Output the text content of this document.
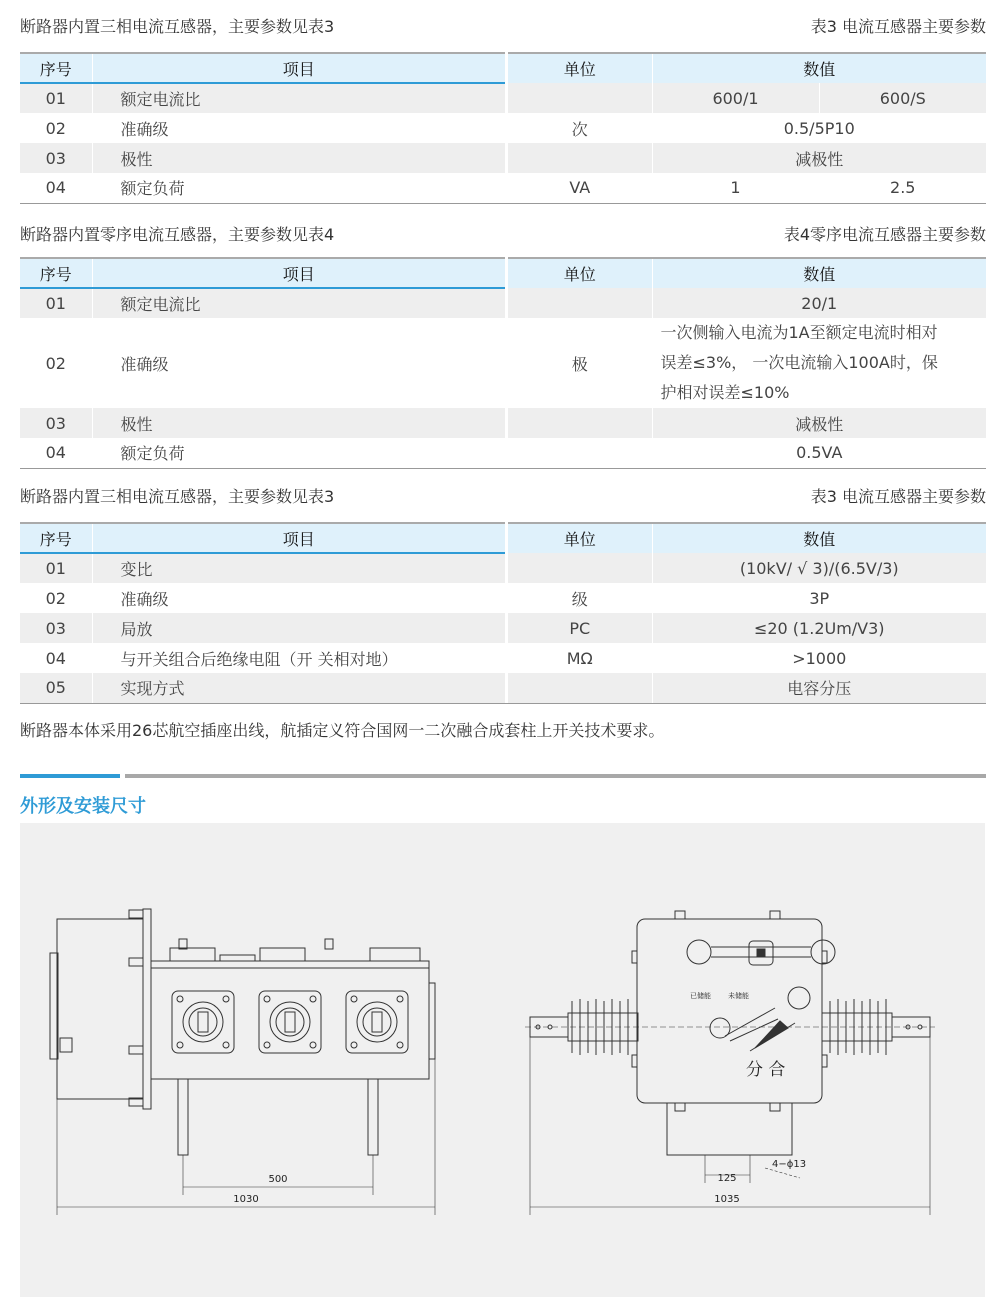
断路器内置三相电流互感器，主要参数见表3	表3 电流互感器主要参数
序号	项目		单位	数值	
01	额定电流比			600/1	600/S
02	准确级		次	0.5/5P10	
03	极性			减极性	
04	额定负荷		VA	1	2.5
断路器内置零序电流互感器，主要参数见表4	表4零序电流互感器主要参数
序号	项目		单位	数值
01	额定电流比			20/1
02	准确级		极	一次侧输入电流为1A至额定电流时相对
误差≤3%， 一次电流输入100A时，保
护相对误差≤10%

03	极性			减极性
04	额定负荷			0.5VA
断路器内置三相电流互感器，主要参数见表3	表3 电流互感器主要参数
序号	项目		单位	数值
01	变比			(10kV/ √ 3)/(6.5V/3)
02	准确级		级	3P
03	局放		PC	≤20 (1.2Um/V3)
04	与开关组合后绝缘电阻（开 关相对地）		MΩ	>1000
05	实现方式			电容分压
断路器本体采用26芯航空插座出线，航插定义符合国网一二次融合成套柱上开关技术要求。
外形及安装尺寸
500
1030
125
1035
4−ϕ13
分 合
已储能 未储能
